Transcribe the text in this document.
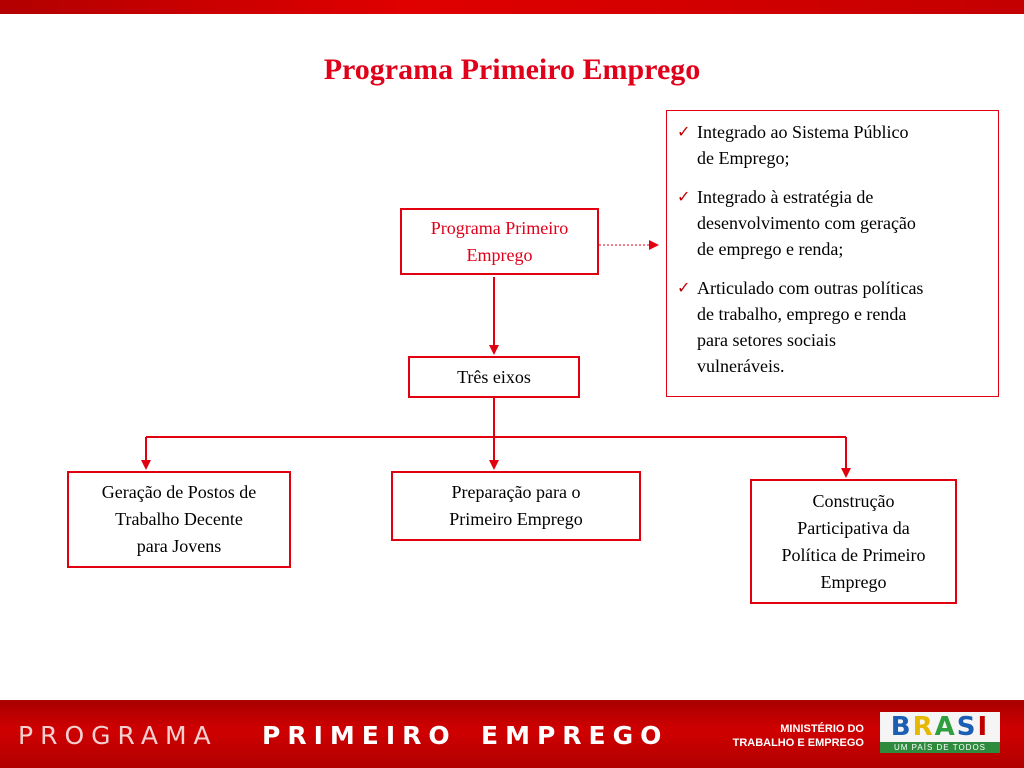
Programa Primeiro Emprego
Programa Primeiro
Emprego
Três eixos
Geração de Postos de
Trabalho Decente
para Jovens
Preparação para o
Primeiro Emprego
Construção
Participativa da
Política de Primeiro
Emprego
✓ Integrado ao Sistema Público
de Emprego;
✓ Integrado à estratégia de
desenvolvimento com geração
de emprego e renda;
✓ Articulado com outras políticas
de trabalho, emprego e renda
para setores sociais
vulneráveis.
PROGRAMA PRIMEIRO EMPREGO	MINISTÉRIO DO
TRABALHO E EMPREGO
BRASI
UM PAÍS DE TODOS
